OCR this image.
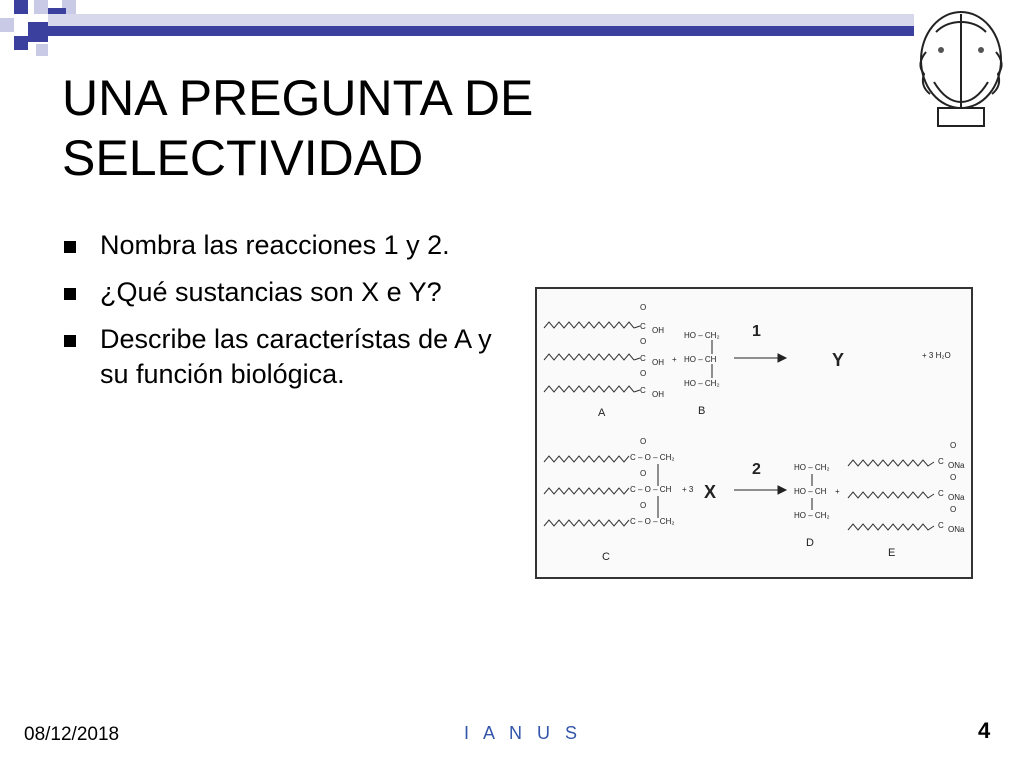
UNA PREGUNTA DE SELECTIVIDAD
Nombra las reacciones 1 y 2.
¿Qué sustancias son X e Y?
Describe las característas de A y su función biológica.
O
C OH
O
C OH
O
C OH
+
HO – CH₂
HO – CH
HO – CH₂
A	B
1
Y	+ 3 H₂O
O
C – O – CH₂
O
C – O – CH
O
C – O – CH₂
+ 3 X
2	HO – CH₂
HO – CH
HO – CH₂
+
C
D
E
O
C ONa
O
C ONa
O
C ONa
08/12/2018	I A N U S	4
